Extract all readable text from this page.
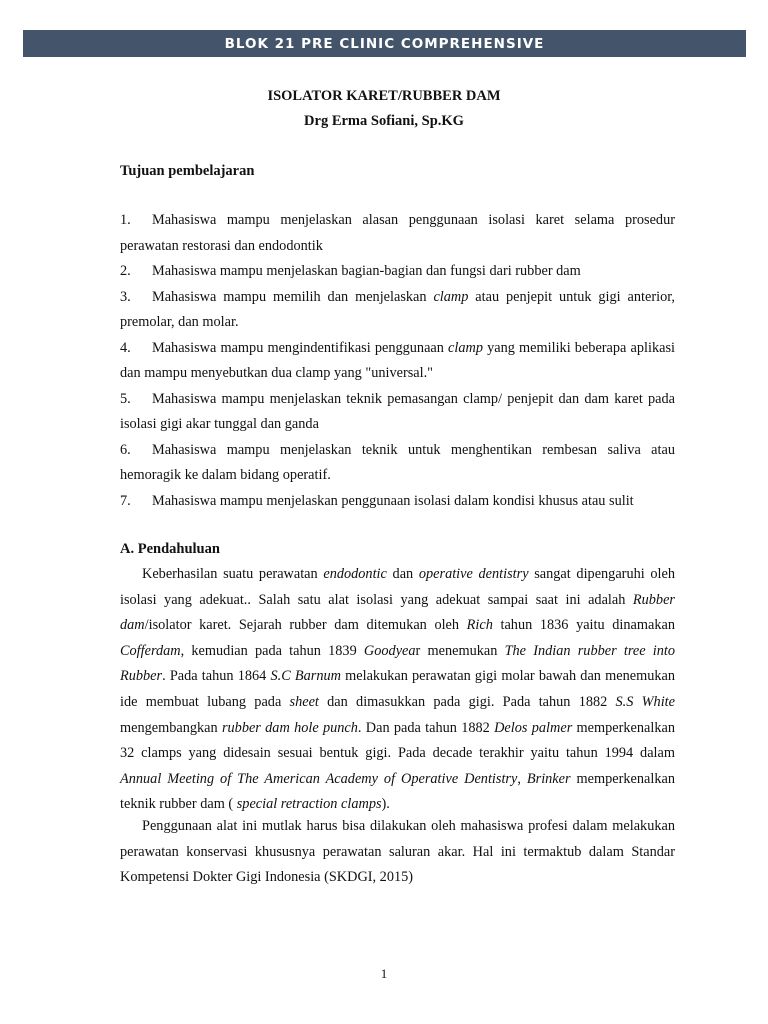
BLOK 21 PRE CLINIC COMPREHENSIVE
ISOLATOR KARET/RUBBER DAM
Drg Erma Sofiani, Sp.KG
Tujuan pembelajaran

1. Mahasiswa mampu menjelaskan alasan penggunaan isolasi karet selama prosedur perawatan restorasi dan endodontik

2. Mahasiswa mampu menjelaskan bagian-bagian dan fungsi dari rubber dam

3. Mahasiswa mampu memilih dan menjelaskan clamp atau penjepit untuk gigi anterior, premolar, dan molar.

4. Mahasiswa mampu mengindentifikasi penggunaan clamp yang memiliki beberapa aplikasi dan mampu menyebutkan dua clamp yang "universal."

5. Mahasiswa mampu menjelaskan teknik pemasangan clamp/ penjepit dan dam karet pada isolasi gigi akar tunggal dan ganda

6. Mahasiswa mampu menjelaskan teknik untuk menghentikan rembesan saliva atau hemoragik ke dalam bidang operatif.

7. Mahasiswa mampu menjelaskan penggunaan isolasi dalam kondisi khusus atau sulit

A. Pendahuluan

Keberhasilan suatu perawatan endodontic dan operative dentistry sangat dipengaruhi oleh isolasi yang adekuat.. Salah satu alat isolasi yang adekuat sampai saat ini adalah Rubber dam/isolator karet. Sejarah rubber dam ditemukan oleh Rich tahun 1836 yaitu dinamakan Cofferdam, kemudian pada tahun 1839 Goodyear menemukan The Indian rubber tree into Rubber. Pada tahun 1864 S.C Barnum melakukan perawatan gigi molar bawah dan menemukan ide membuat lubang pada sheet dan dimasukkan pada gigi. Pada tahun 1882 S.S White mengembangkan rubber dam hole punch. Dan pada tahun 1882 Delos palmer memperkenalkan 32 clamps yang didesain sesuai bentuk gigi. Pada decade terakhir yaitu tahun 1994 dalam Annual Meeting of The American Academy of Operative Dentistry, Brinker memperkenalkan teknik rubber dam ( special retraction clamps).

Penggunaan alat ini mutlak harus bisa dilakukan oleh mahasiswa profesi dalam melakukan perawatan konservasi khususnya perawatan saluran akar. Hal ini termaktub dalam Standar Kompetensi Dokter Gigi Indonesia (SKDGI, 2015)

1
